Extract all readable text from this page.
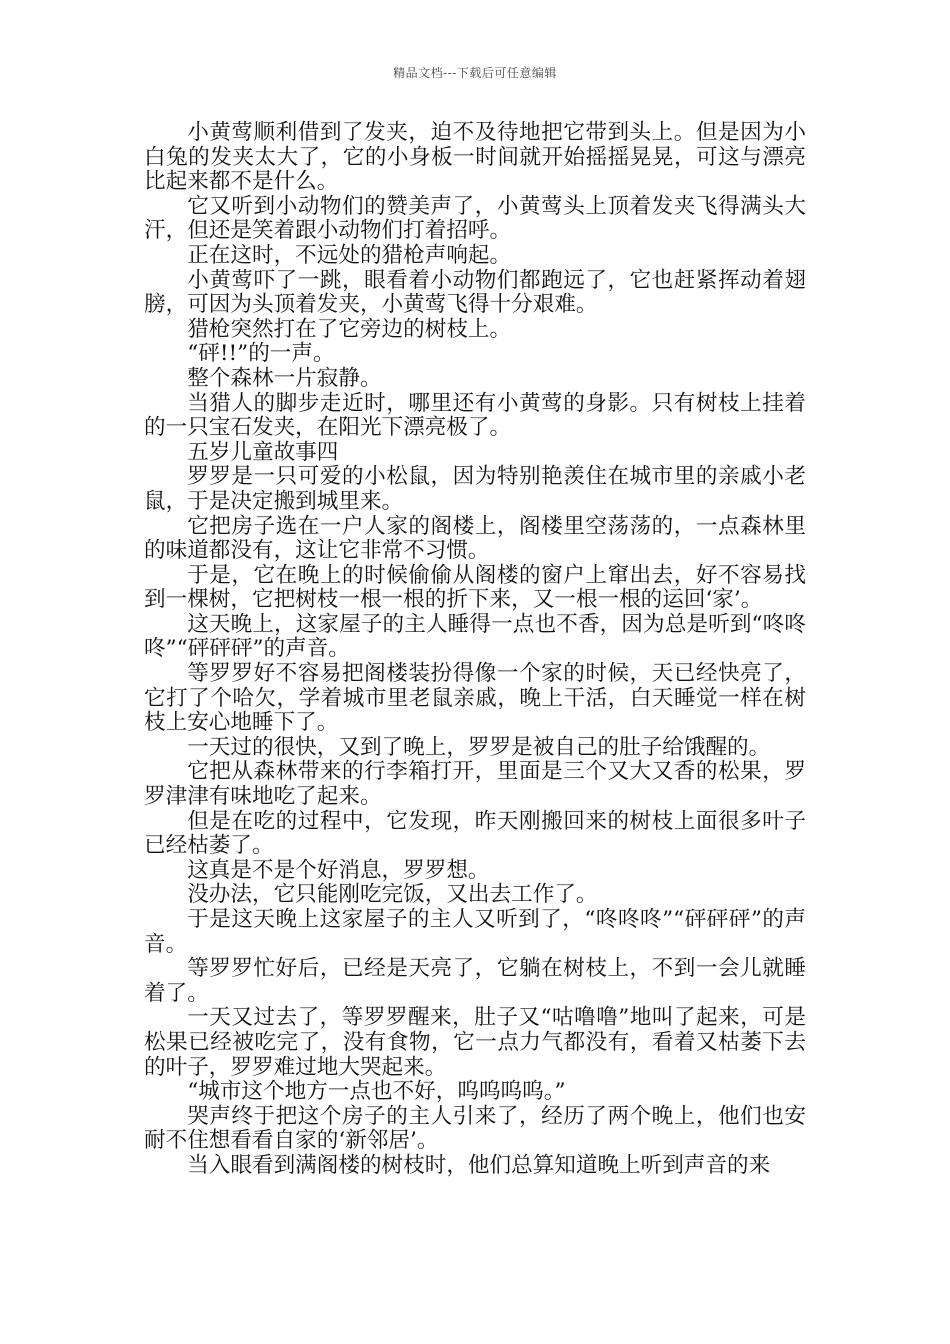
精品文档---下载后可任意编辑

小黄莺顺利借到了发夹，迫不及待地把它带到头上。但是因为小白兔的发夹太大了，它的小身板一时间就开始摇摇晃晃，可这与漂亮比起来都不是什么。

它又听到小动物们的赞美声了，小黄莺头上顶着发夹飞得满头大汗，但还是笑着跟小动物们打着招呼。

正在这时，不远处的猎枪声响起。

小黄莺吓了一跳，眼看着小动物们都跑远了，它也赶紧挥动着翅膀，可因为头顶着发夹，小黄莺飞得十分艰难。

猎枪突然打在了它旁边的树枝上。

“砰!!”的一声。

整个森林一片寂静。

当猎人的脚步走近时，哪里还有小黄莺的身影。只有树枝上挂着的一只宝石发夹，在阳光下漂亮极了。

五岁儿童故事四

罗罗是一只可爱的小松鼠，因为特别艳羡住在城市里的亲戚小老鼠，于是决定搬到城里来。

它把房子选在一户人家的阁楼上，阁楼里空荡荡的，一点森林里的味道都没有，这让它非常不习惯。

于是，它在晚上的时候偷偷从阁楼的窗户上窜出去，好不容易找到一棵树，它把树枝一根一根的折下来，又一根一根的运回‘家’。

这天晚上，这家屋子的主人睡得一点也不香，因为总是听到“咚咚咚”“砰砰砰”的声音。

等罗罗好不容易把阁楼装扮得像一个家的时候，天已经快亮了，它打了个哈欠，学着城市里老鼠亲戚，晚上干活，白天睡觉一样在树枝上安心地睡下了。

一天过的很快，又到了晚上，罗罗是被自己的肚子给饿醒的。

它把从森林带来的行李箱打开，里面是三个又大又香的松果，罗罗津津有味地吃了起来。

但是在吃的过程中，它发现，昨天刚搬回来的树枝上面很多叶子已经枯萎了。

这真是不是个好消息，罗罗想。

没办法，它只能刚吃完饭，又出去工作了。

于是这天晚上这家屋子的主人又听到了，“咚咚咚”“砰砰砰”的声音。

等罗罗忙好后，已经是天亮了，它躺在树枝上，不到一会儿就睡着了。

一天又过去了，等罗罗醒来，肚子又“咕噜噜”地叫了起来，可是松果已经被吃完了，没有食物，它一点力气都没有，看着又枯萎下去的叶子，罗罗难过地大哭起来。

“城市这个地方一点也不好，呜呜呜呜。”

哭声终于把这个房子的主人引来了，经历了两个晚上，他们也安耐不住想看看自家的‘新邻居’。

当入眼看到满阁楼的树枝时，他们总算知道晚上听到声音的来
